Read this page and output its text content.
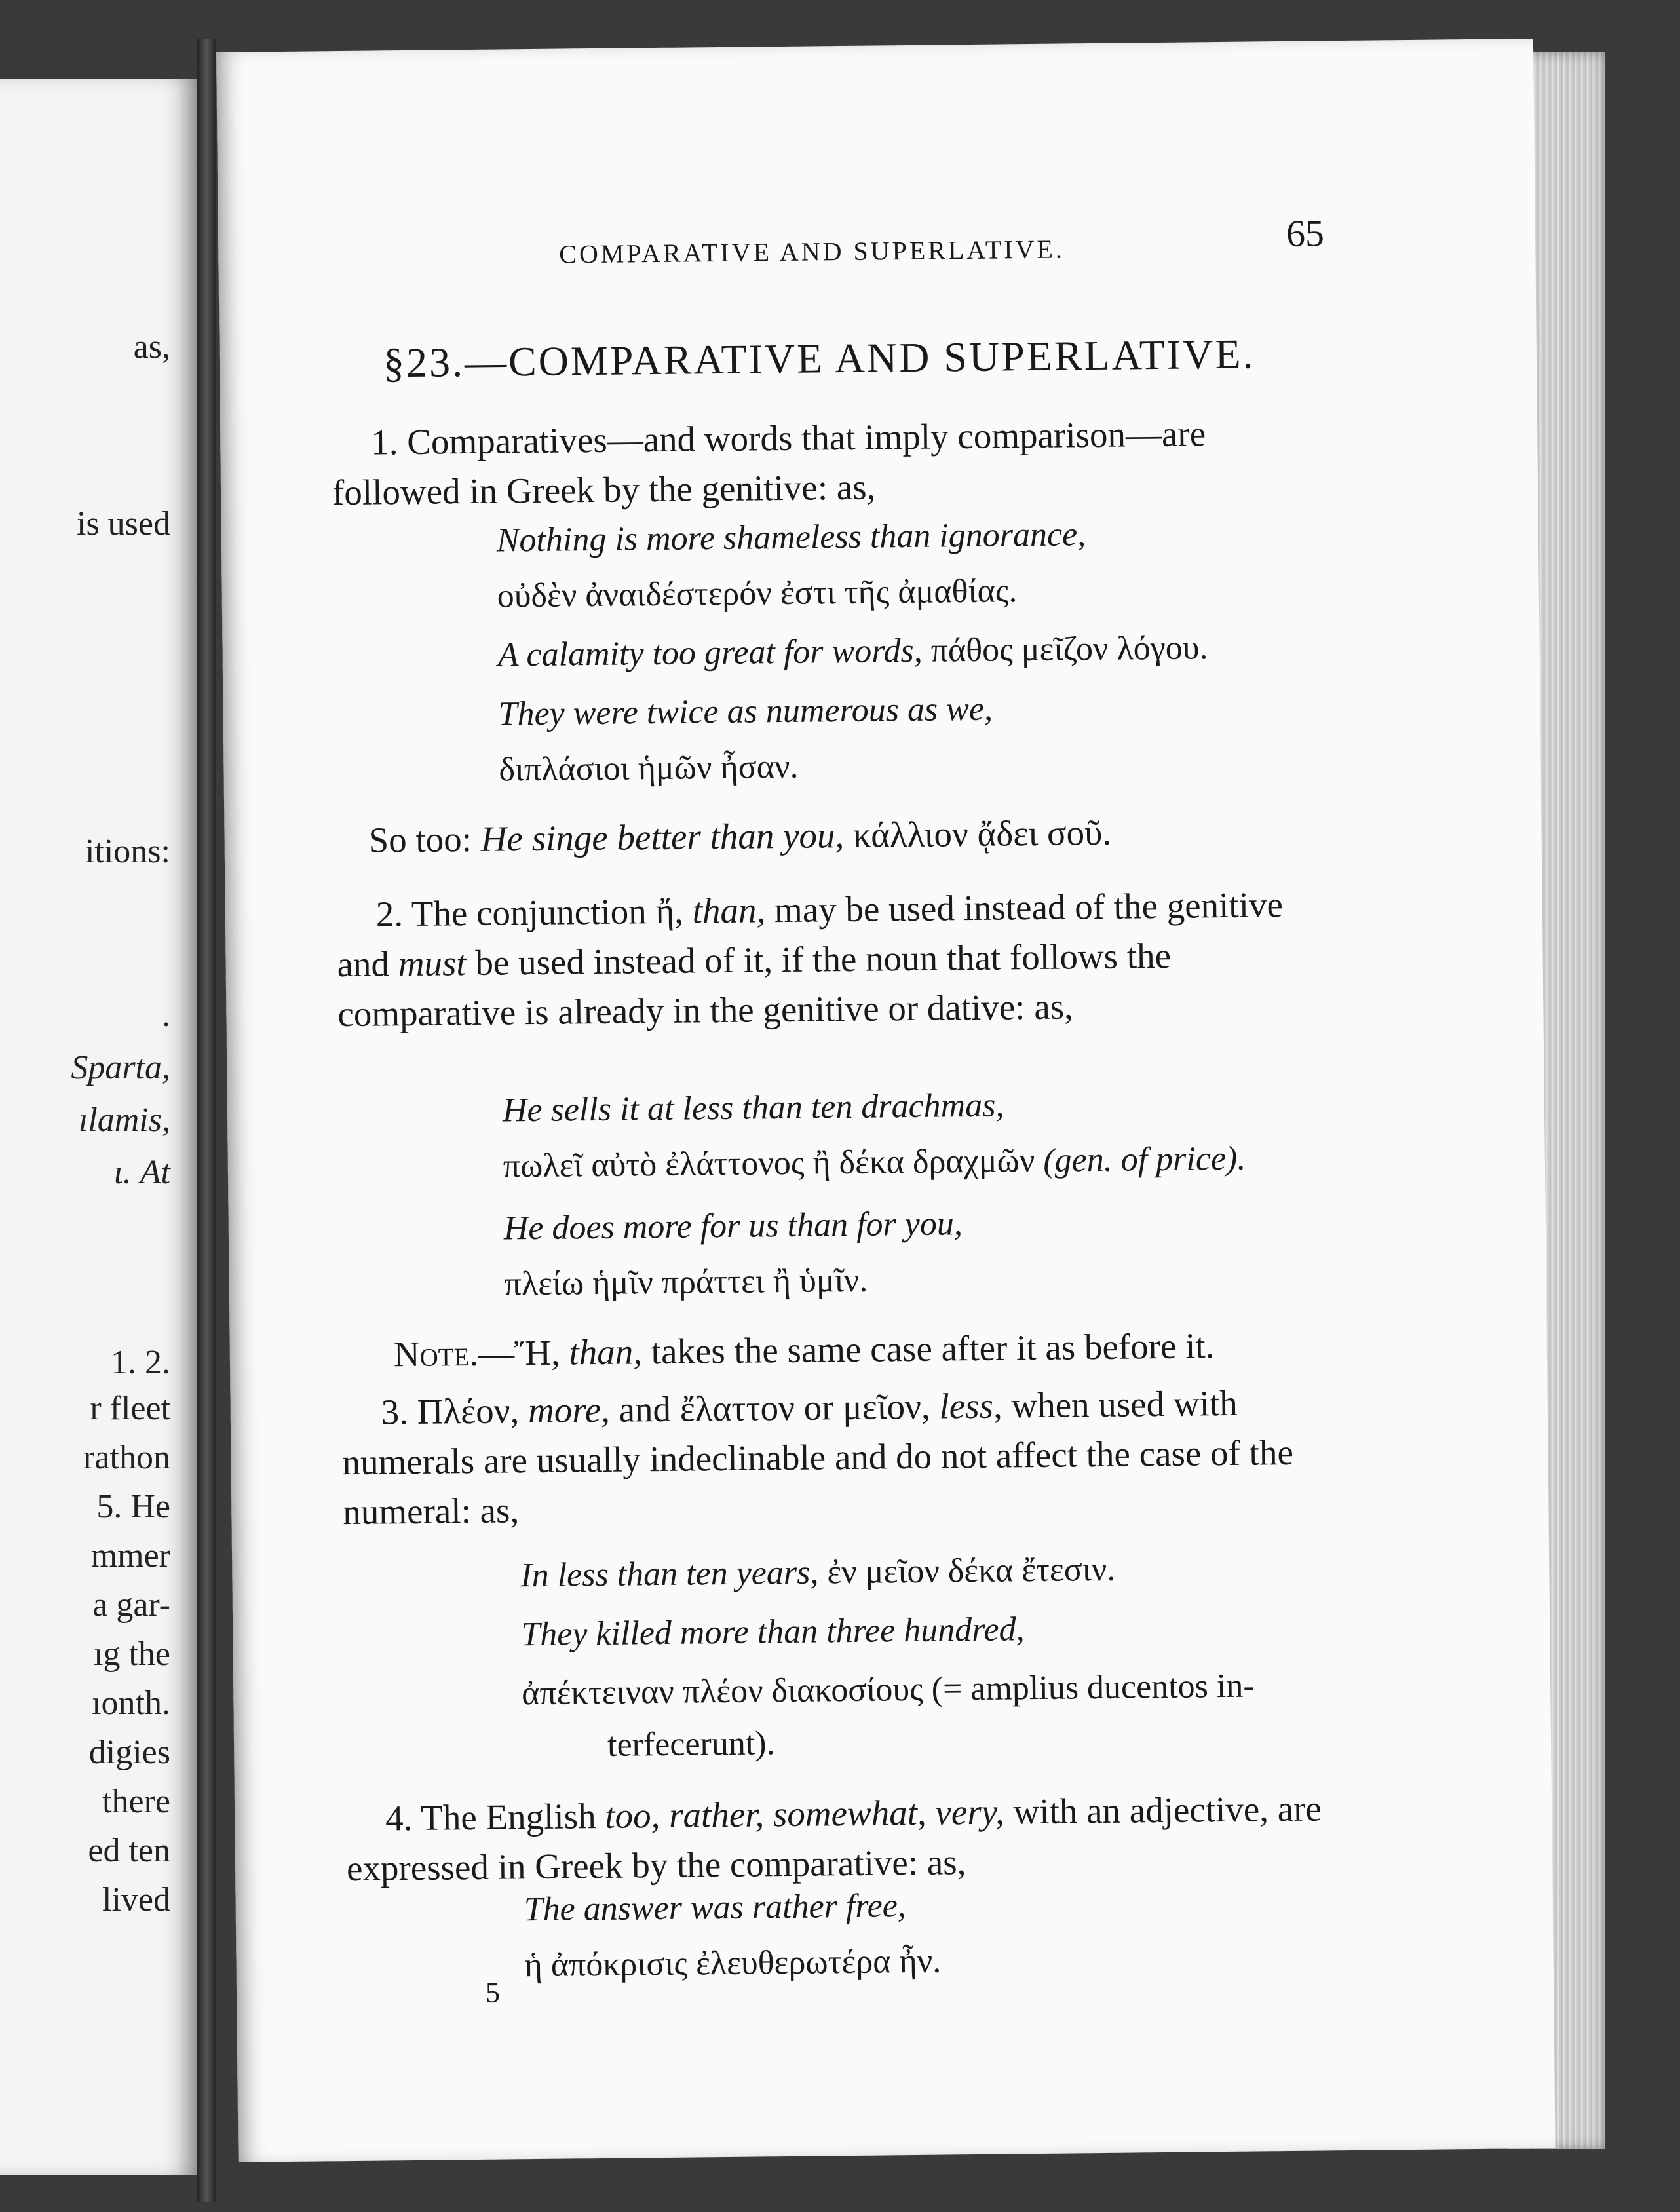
as,
is used
itions:
.
Sparta,
ılamis,
ι. At
1. 2.
r fleet
rathon
5. He
mmer
a gar-
ıg the
ıonth.
digies
there
ed ten
lived
COMPARATIVE AND SUPERLATIVE.	65
§23.—COMPARATIVE AND SUPERLATIVE.
1. Comparatives—and words that imply comparison—are followed in Greek by the genitive: as,
Nothing is more shameless than ignorance,
οὐδὲν ἀναιδέστερόν ἐστι τῆς ἀμαθίας.
A calamity too great for words, πάθος μεῖζον λόγου.
They were twice as numerous as we,
διπλάσιοι ἡμῶν ἦσαν.
So too: He singe better than you, κάλλιον ᾄδει σοῦ.
2. The conjunction ἤ, than, may be used instead of the genitive and must be used instead of it, if the noun that follows the comparative is already in the genitive or dative: as,
He sells it at less than ten drachmas,
πωλεῖ αὐτὸ ἐλάττονος ἢ δέκα δραχμῶν (gen. of price).
He does more for us than for you,
πλείω ἡμῖν πράττει ἢ ὑμῖν.
Note.—Ἤ, than, takes the same case after it as before it.
3. Πλέον, more, and ἔλαττον or μεῖον, less, when used with numerals are usually indeclinable and do not affect the case of the numeral: as,
In less than ten years, ἐν μεῖον δέκα ἔτεσιν.
They killed more than three hundred,
ἀπέκτειναν πλέον διακοσίους (= amplius ducentos in-
terfecerunt).
4. The English too, rather, somewhat, very, with an adjective, are expressed in Greek by the comparative: as,
The answer was rather free,
ἡ ἀπόκρισις ἐλευθερωτέρα ἦν.
5
